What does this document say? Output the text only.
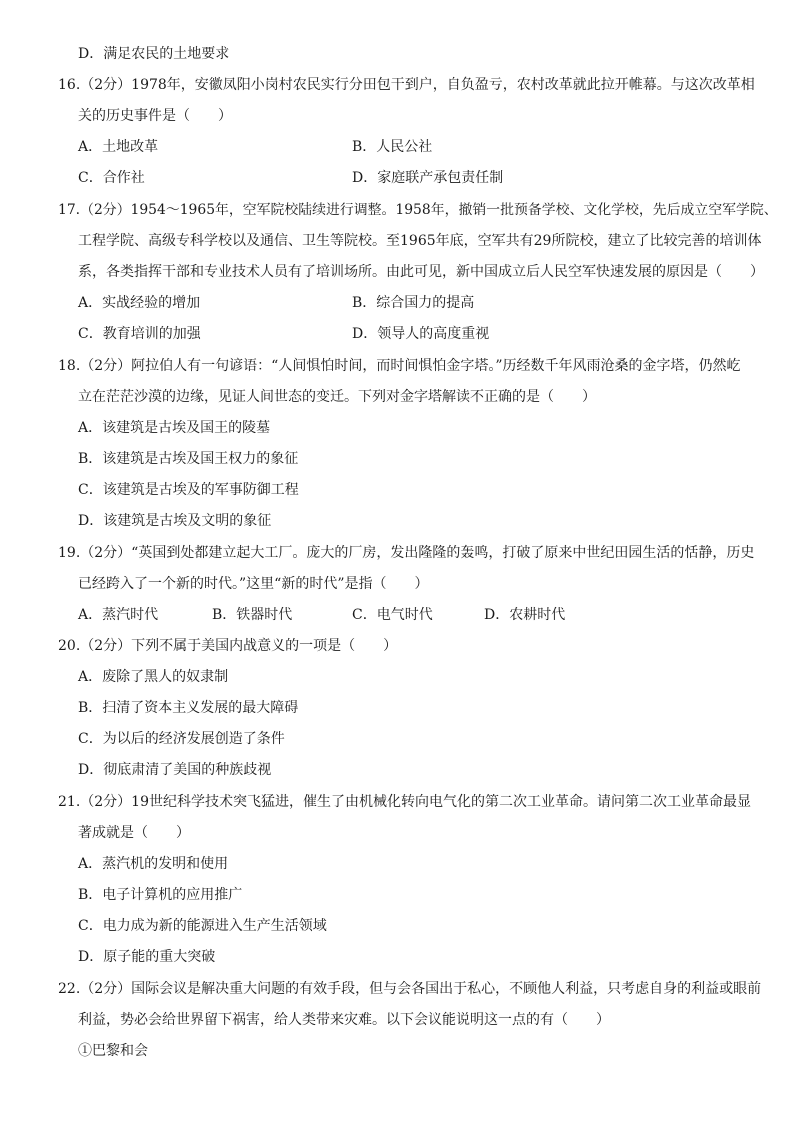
D．满足农民的土地要求
16.（2分）1978年，安徽凤阳小岗村农民实行分田包干到户，自负盈亏，农村改革就此拉开帷幕。与这次改革相
关的历史事件是（　　）
A．土地改革	B．人民公社
C．合作社	D．家庭联产承包责任制
17.（2分）1954～1965年，空军院校陆续进行调整。1958年，撤销一批预备学校、文化学校，先后成立空军学院、
工程学院、高级专科学校以及通信、卫生等院校。至1965年底，空军共有29所院校，建立了比较完善的培训体
系，各类指挥干部和专业技术人员有了培训场所。由此可见，新中国成立后人民空军快速发展的原因是（　　）
A．实战经验的增加	B．综合国力的提高
C．教育培训的加强	D．领导人的高度重视
18.（2分）阿拉伯人有一句谚语：“人间惧怕时间，而时间惧怕金字塔。”历经数千年风雨沧桑的金字塔，仍然屹
立在茫茫沙漠的边缘，见证人间世态的变迁。下列对金字塔解读不正确的是（　　）
A．该建筑是古埃及国王的陵墓
B．该建筑是古埃及国王权力的象征
C．该建筑是古埃及的军事防御工程
D．该建筑是古埃及文明的象征
19.（2分）“英国到处都建立起大工厂。庞大的厂房，发出隆隆的轰鸣，打破了原来中世纪田园生活的恬静，历史
已经跨入了一个新的时代。”这里“新的时代”是指（　　）
A．蒸汽时代	B．铁器时代	C．电气时代	D．农耕时代
20.（2分）下列不属于美国内战意义的一项是（　　）
A．废除了黑人的奴隶制
B．扫清了资本主义发展的最大障碍
C．为以后的经济发展创造了条件
D．彻底肃清了美国的种族歧视
21.（2分）19世纪科学技术突飞猛进，催生了由机械化转向电气化的第二次工业革命。请问第二次工业革命最显
著成就是（　　）
A．蒸汽机的发明和使用
B．电子计算机的应用推广
C．电力成为新的能源进入生产生活领域
D．原子能的重大突破
22.（2分）国际会议是解决重大问题的有效手段，但与会各国出于私心，不顾他人利益，只考虑自身的利益或眼前
利益，势必会给世界留下祸害，给人类带来灾难。以下会议能说明这一点的有（　　）
①巴黎和会
